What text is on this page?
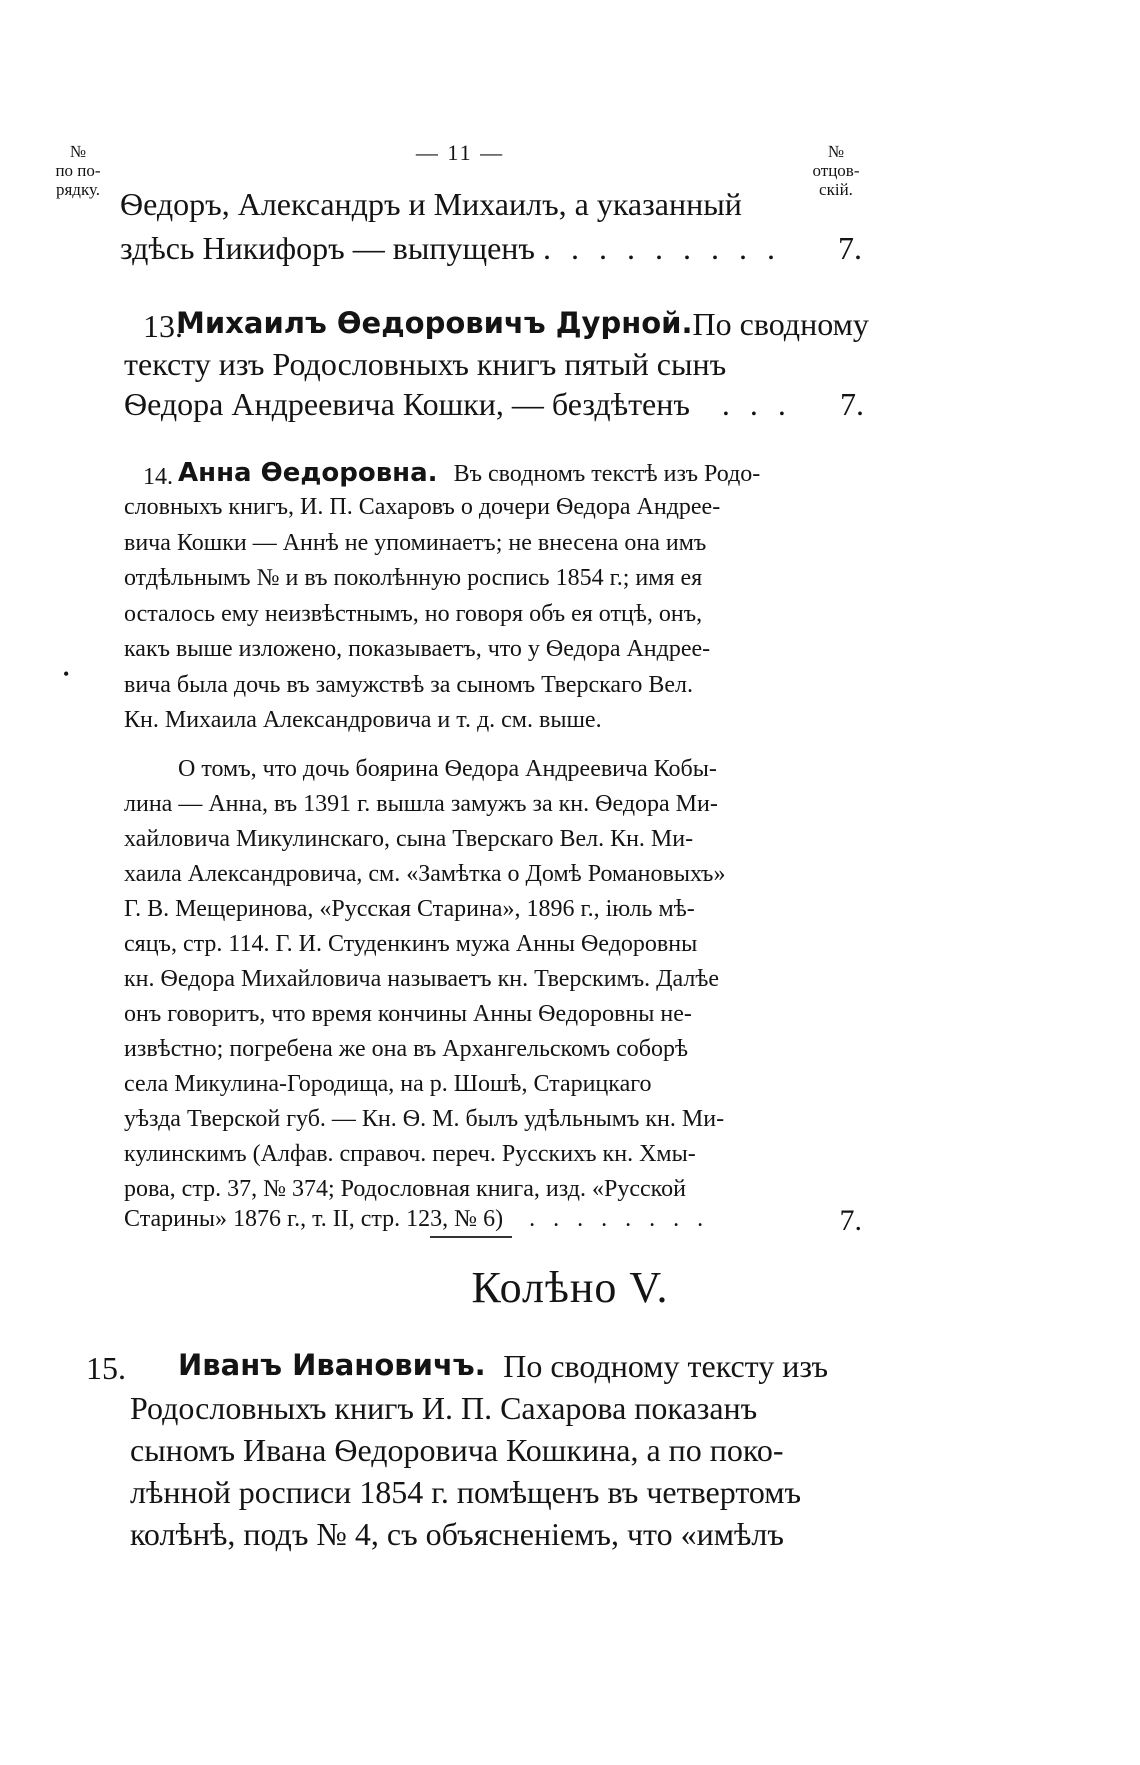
№
по по-
рядку.
— 11 —	№
отцов-
скій.
Ѳедоръ, Александръ и Михаилъ, а указанный
здѣсь Никифоръ — выпущенъ . . . . . . . . . 7.
13.
Михаилъ Ѳедоровичъ Дурной. По сводному
тексту изъ Родословныхъ книгъ пятый сынъ
Ѳедора Андреевича Кошки, — бездѣтенъ . . . 7.
14. Анна Ѳедоровна. Въ сводномъ текстѣ изъ Родо-
словныхъ книгъ, И. П. Сахаровъ о дочери Ѳедора Андрее-
вича Кошки — Аннѣ не упоминаетъ; не внесена она имъ
отдѣльнымъ № и въ поколѣнную роспись 1854 г.; имя ея
осталось ему неизвѣстнымъ, но говоря объ ея отцѣ, онъ,
какъ выше изложено, показываетъ, что у Ѳедора Андрее-
вича была дочь въ замужствѣ за сыномъ Тверскаго Вел.
Кн. Михаила Александровича и т. д. см. выше.
•
О томъ, что дочь боярина Ѳедора Андреевича Кобы-
лина — Анна, въ 1391 г. вышла замужъ за кн. Ѳедора Ми-
хайловича Микулинскаго, сына Тверскаго Вел. Кн. Ми-
хаила Александровича, см. «Замѣтка о Домѣ Романовыхъ»
Г. В. Мещеринова, «Русская Старина», 1896 г., іюль мѣ-
сяцъ, стр. 114. Г. И. Студенкинъ мужа Анны Ѳедоровны
кн. Ѳедора Михайловича называетъ кн. Тверскимъ. Далѣе
онъ говоритъ, что время кончины Анны Ѳедоровны не-
извѣстно; погребена же она въ Архангельскомъ соборѣ
села Микулина-Городища, на р. Шошѣ, Старицкаго
уѣзда Тверской губ. — Кн. Ѳ. М. былъ удѣльнымъ кн. Ми-
кулинскимъ (Алфав. справоч. переч. Русскихъ кн. Хмы-
рова, стр. 37, № 374; Родословная книга, изд. «Русской
Старины» 1876 г., т. II, стр. 123, № 6) . . . . . . . .	7.
Колѣно V.
15. Иванъ Ивановичъ. По сводному тексту изъ
Родословныхъ книгъ И. П. Сахарова показанъ
сыномъ Ивана Ѳедоровича Кошкина, а по поко-
лѣнной росписи 1854 г. помѣщенъ въ четвертомъ
колѣнѣ, подъ № 4, съ объясненіемъ, что «имѣлъ
